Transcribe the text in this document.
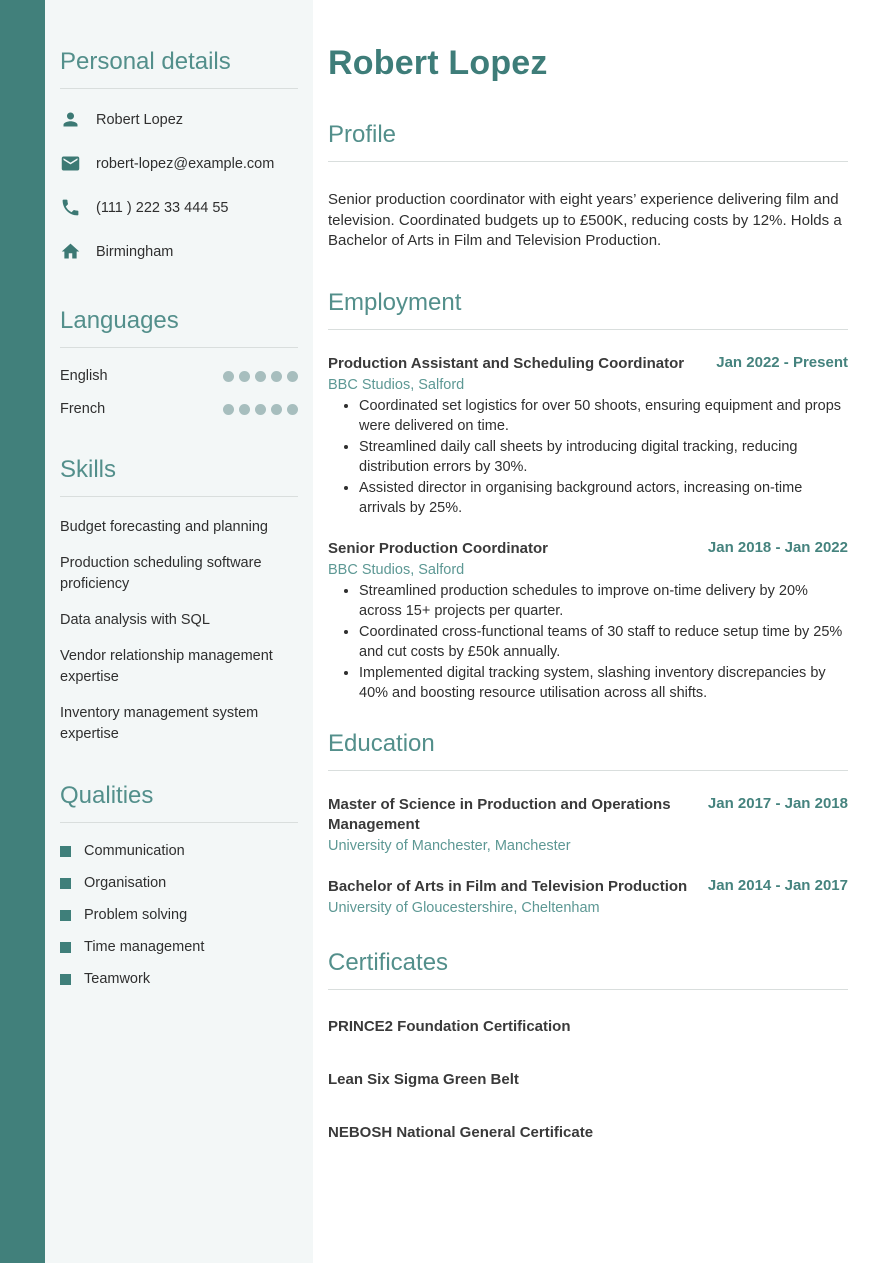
Personal details
Robert Lopez
robert-lopez@example.com
(111 ) 222 33 444 55
Birmingham
Languages
English
French
Skills
Budget forecasting and planning
Production scheduling software proficiency
Data analysis with SQL
Vendor relationship management expertise
Inventory management system expertise
Qualities
Communication
Organisation
Problem solving
Time management
Teamwork
Robert Lopez
Profile

Senior production coordinator with eight years’ experience delivering film and television. Coordinated budgets up to £500K, reducing costs by 12%. Holds a Bachelor of Arts in Film and Television Production.

Employment
Production Assistant and Scheduling Coordinator Jan 2022 - Present
BBC Studios, Salford
• Coordinated set logistics for over 50 shoots, ensuring equipment and props were delivered on time.
• Streamlined daily call sheets by introducing digital tracking, reducing distribution errors by 30%.
• Assisted director in organising background actors, increasing on-time arrivals by 25%.
Senior Production Coordinator	Jan 2018 - Jan 2022
BBC Studios, Salford
• Streamlined production schedules to improve on-time delivery by 20% across 15+ projects per quarter.
• Coordinated cross-functional teams of 30 staff to reduce setup time by 25% and cut costs by £50k annually.
• Implemented digital tracking system, slashing inventory discrepancies by 40% and boosting resource utilisation across all shifts.
Education
Master of Science in Production and Operations Management
Jan 2017 - Jan 2018
University of Manchester, Manchester
Bachelor of Arts in Film and Television Production Jan 2014 - Jan 2017
University of Gloucestershire, Cheltenham
Certificates
PRINCE2 Foundation Certification
Lean Six Sigma Green Belt
NEBOSH National General Certificate
